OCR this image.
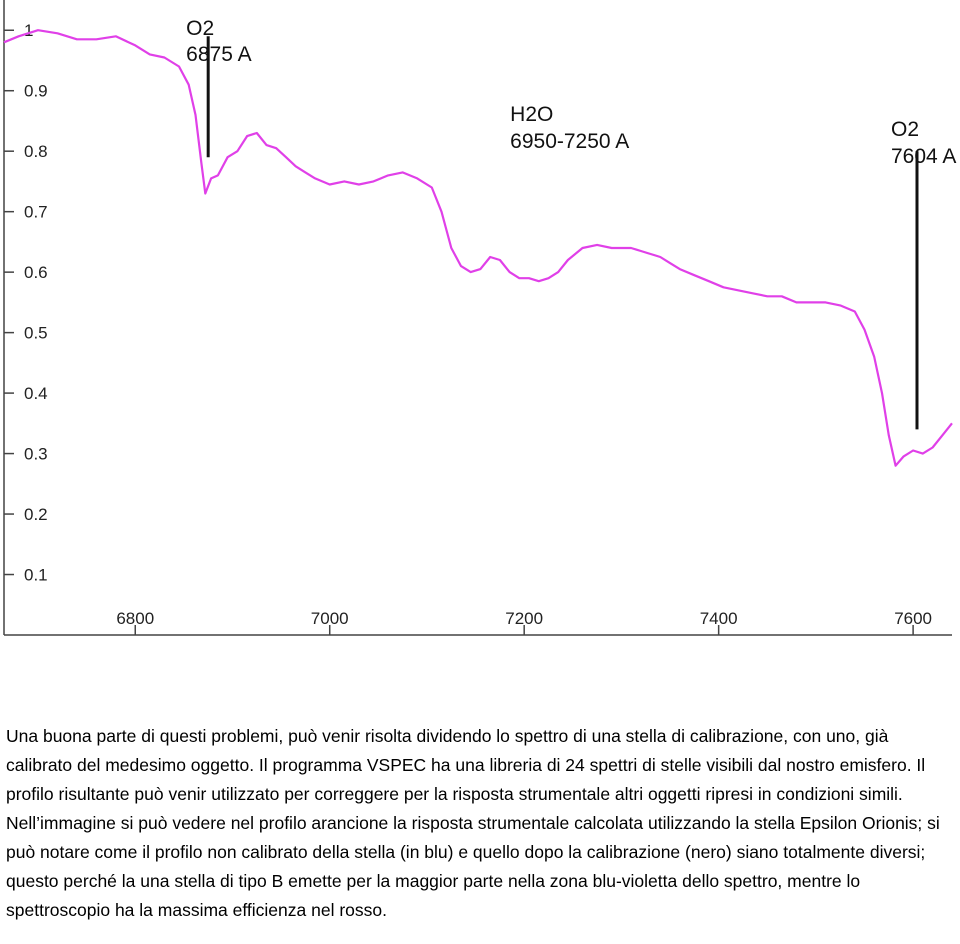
1
0.9
0.8
0.7
0.6
0.5
0.4
0.3
0.2
0.1
6800	7000	7200	7400	7600
O2
6875 A
H2O
6950-7250 A
O2
7604 A

Una buona parte di questi problemi, può venir risolta dividendo lo spettro di una stella di calibrazione, con uno, già calibrato del medesimo oggetto. Il programma VSPEC ha una libreria di 24 spettri di stelle visibili dal nostro emisfero. Il profilo risultante può venir utilizzato per correggere per la risposta strumentale altri oggetti ripresi in condizioni simili.

Nell’immagine si può vedere nel profilo arancione la risposta strumentale calcolata utilizzando la stella Epsilon Orionis; si può notare come il profilo non calibrato della stella (in blu) e quello dopo la calibrazione (nero) siano totalmente diversi; questo perché la una stella di tipo B emette per la maggior parte nella zona blu-violetta dello spettro, mentre lo spettroscopio ha la massima efficienza nel rosso.
